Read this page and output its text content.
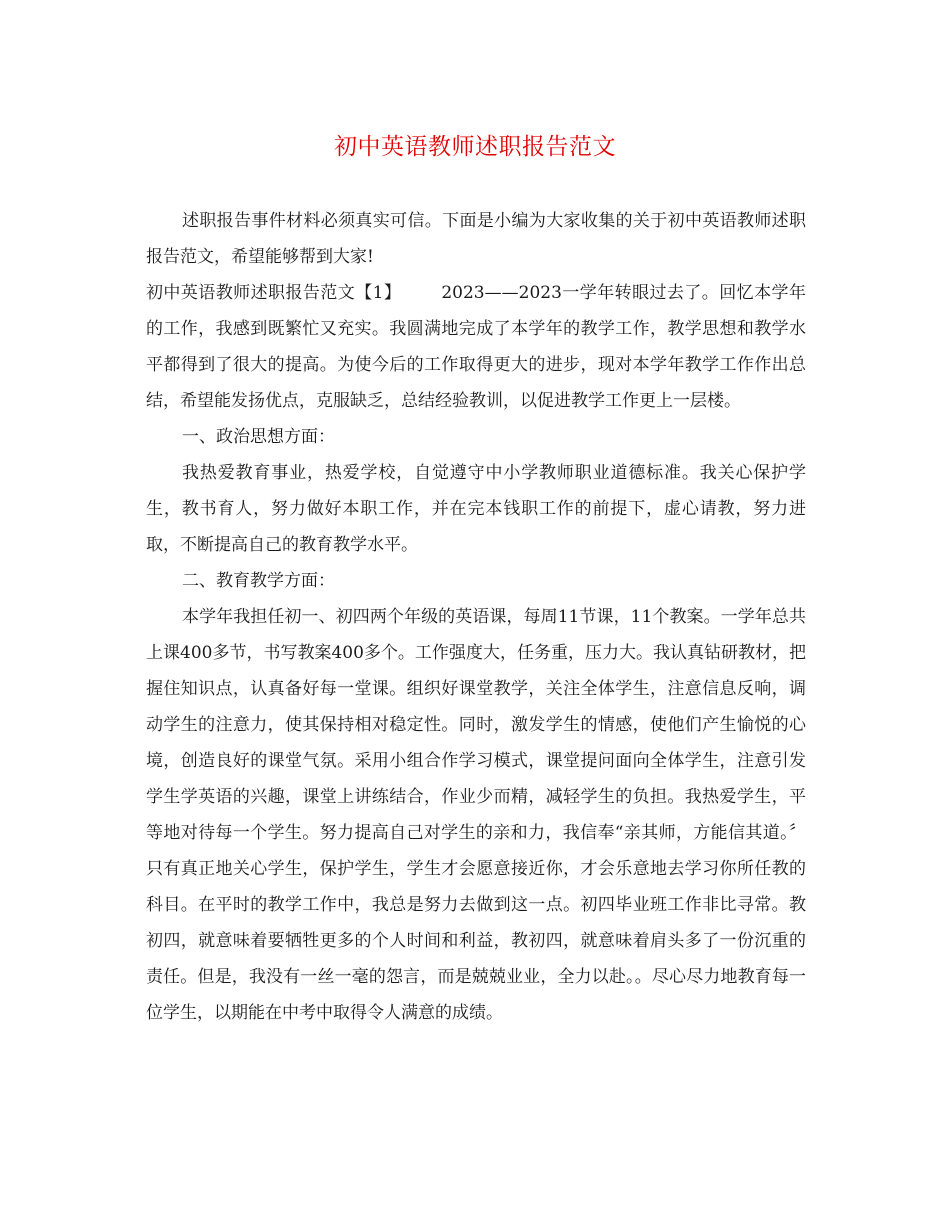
初中英语教师述职报告范文

述职报告事件材料必须真实可信。下面是小编为大家收集的关于初中英语教师述职报告范文，希望能够帮到大家!

初中英语教师述职报告范文【1】 2023——2023一学年转眼过去了。回忆本学年的工作，我感到既繁忙又充实。我圆满地完成了本学年的教学工作，教学思想和教学水平都得到了很大的提高。为使今后的工作取得更大的进步，现对本学年教学工作作出总结，希望能发扬优点，克服缺乏，总结经验教训，以促进教学工作更上一层楼。

一、政治思想方面：

我热爱教育事业，热爱学校，自觉遵守中小学教师职业道德标准。我关心保护学生，教书育人，努力做好本职工作，并在完本钱职工作的前提下，虚心请教，努力进取，不断提高自己的教育教学水平。

二、教育教学方面：

本学年我担任初一、初四两个年级的英语课，每周11节课，11个教案。一学年总共上课400多节，书写教案400多个。工作强度大，任务重，压力大。我认真钻研教材，把握住知识点，认真备好每一堂课。组织好课堂教学，关注全体学生，注意信息反响，调动学生的注意力，使其保持相对稳定性。同时，激发学生的情感，使他们产生愉悦的心境，创造良好的课堂气氛。采用小组合作学习模式，课堂提问面向全体学生，注意引发学生学英语的兴趣，课堂上讲练结合，作业少而精，减轻学生的负担。我热爱学生，平等地对待每一个学生。努力提高自己对学生的亲和力，我信奉“亲其师，方能信其道。〞只有真正地关心学生，保护学生，学生才会愿意接近你，才会乐意地去学习你所任教的科目。在平时的教学工作中，我总是努力去做到这一点。初四毕业班工作非比寻常。教初四，就意味着要牺牲更多的个人时间和利益，教初四，就意味着肩头多了一份沉重的责任。但是，我没有一丝一毫的怨言，而是兢兢业业，全力以赴。。尽心尽力地教育每一位学生，以期能在中考中取得令人满意的成绩。
